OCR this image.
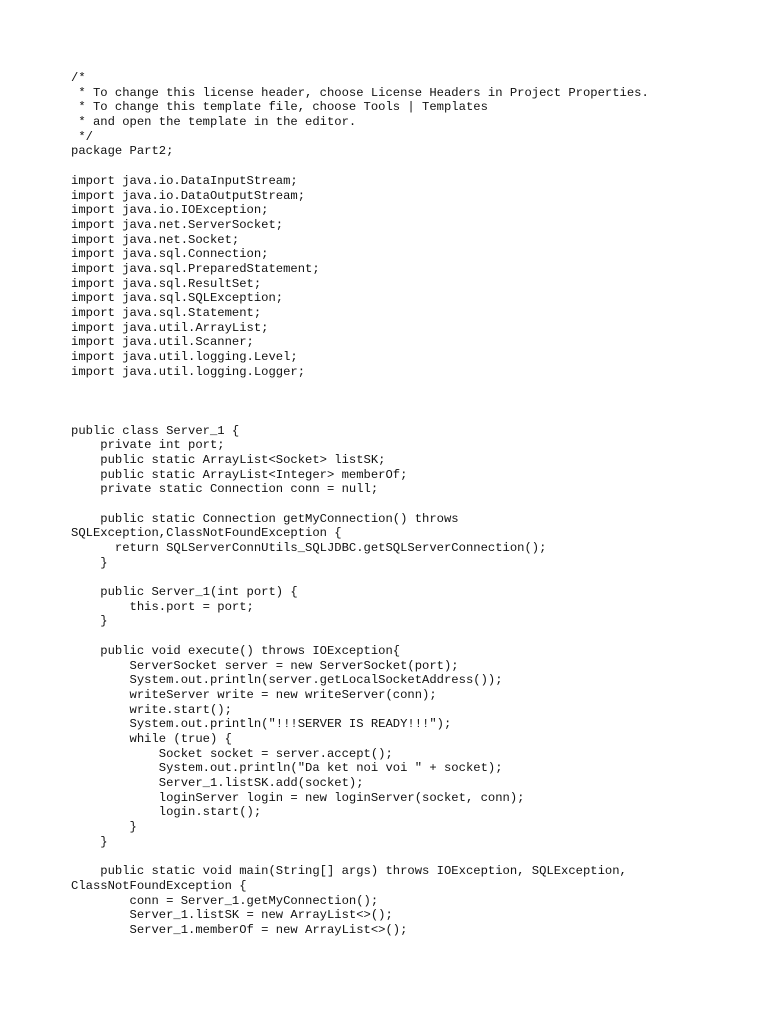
/*
* To change this license header, choose License Headers in Project Properties.
* To change this template file, choose Tools | Templates
* and open the template in the editor.
*/
package Part2;
import java.io.DataInputStream;
import java.io.DataOutputStream;
import java.io.IOException;
import java.net.ServerSocket;
import java.net.Socket;
import java.sql.Connection;
import java.sql.PreparedStatement;
import java.sql.ResultSet;
import java.sql.SQLException;
import java.sql.Statement;
import java.util.ArrayList;
import java.util.Scanner;
import java.util.logging.Level;
import java.util.logging.Logger;
public class Server_1 {
private int port;
public static ArrayList<Socket> listSK;
public static ArrayList<Integer> memberOf;
private static Connection conn = null;
public static Connection getMyConnection() throws
SQLException,ClassNotFoundException {
return SQLServerConnUtils_SQLJDBC.getSQLServerConnection();
}
public Server_1(int port) {
this.port = port;
}
public void execute() throws IOException{
ServerSocket server = new ServerSocket(port);
System.out.println(server.getLocalSocketAddress());
writeServer write = new writeServer(conn);
write.start();
System.out.println("!!!SERVER IS READY!!!");
while (true) {
Socket socket = server.accept();
System.out.println("Da ket noi voi " + socket);
Server_1.listSK.add(socket);
loginServer login = new loginServer(socket, conn);
login.start();
}
}
public static void main(String[] args) throws IOException, SQLException,
ClassNotFoundException {
conn = Server_1.getMyConnection();
Server_1.listSK = new ArrayList<>();
Server_1.memberOf = new ArrayList<>();
